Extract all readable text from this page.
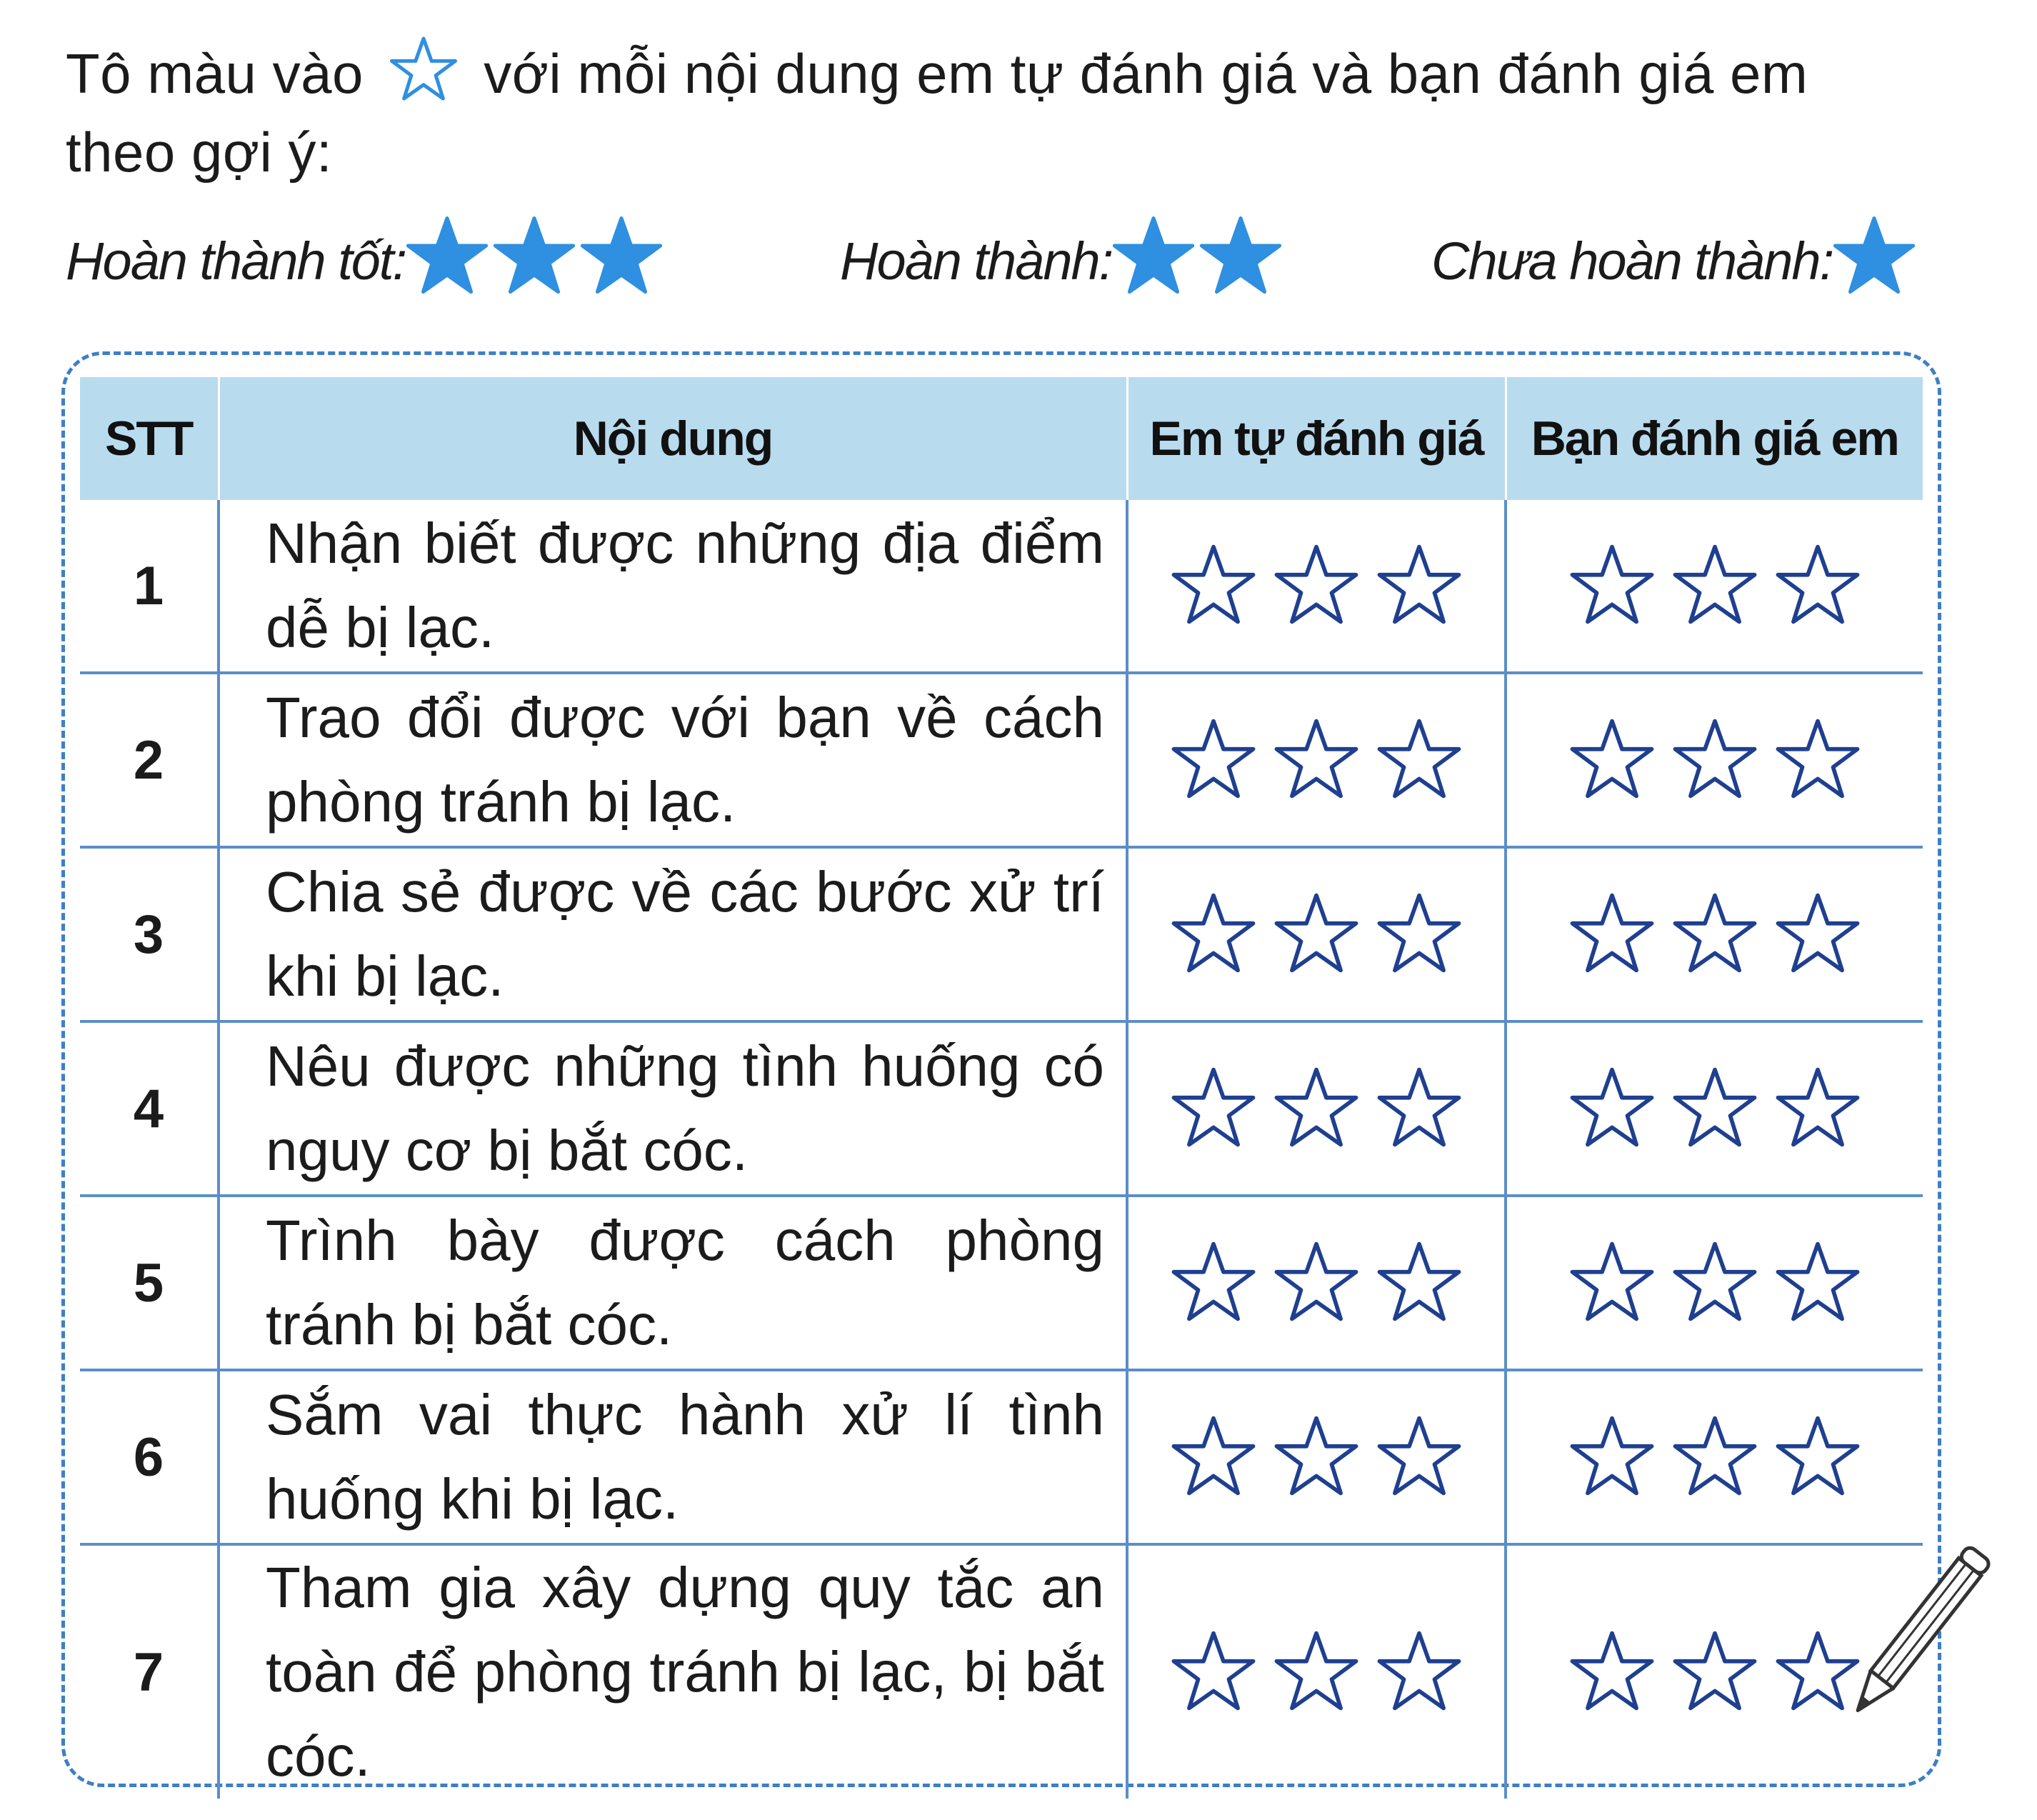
Tô màu vào với mỗi nội dung em tự đánh giá và bạn đánh giá em
theo gợi ý:
Hoàn thành tốt:	Hoàn thành:	Chưa hoàn thành:
STT	Nội dung	Em tự đánh giá	Bạn đánh giá em
1	Nhận biết được những địa điểm dễ bị lạc.	

2	Trao đổi được với bạn về cách phòng tránh bị lạc.	

3	Chia sẻ được về các bước xử trí khi bị lạc.	

4	Nêu được những tình huống có nguy cơ bị bắt cóc.	

5	Trình bày được cách phòng tránh bị bắt cóc.	

6	Sắm vai thực hành xử lí tình huống khi bị lạc.	

7	Tham gia xây dựng quy tắc an toàn để phòng tránh bị lạc, bị bắt cóc.	
